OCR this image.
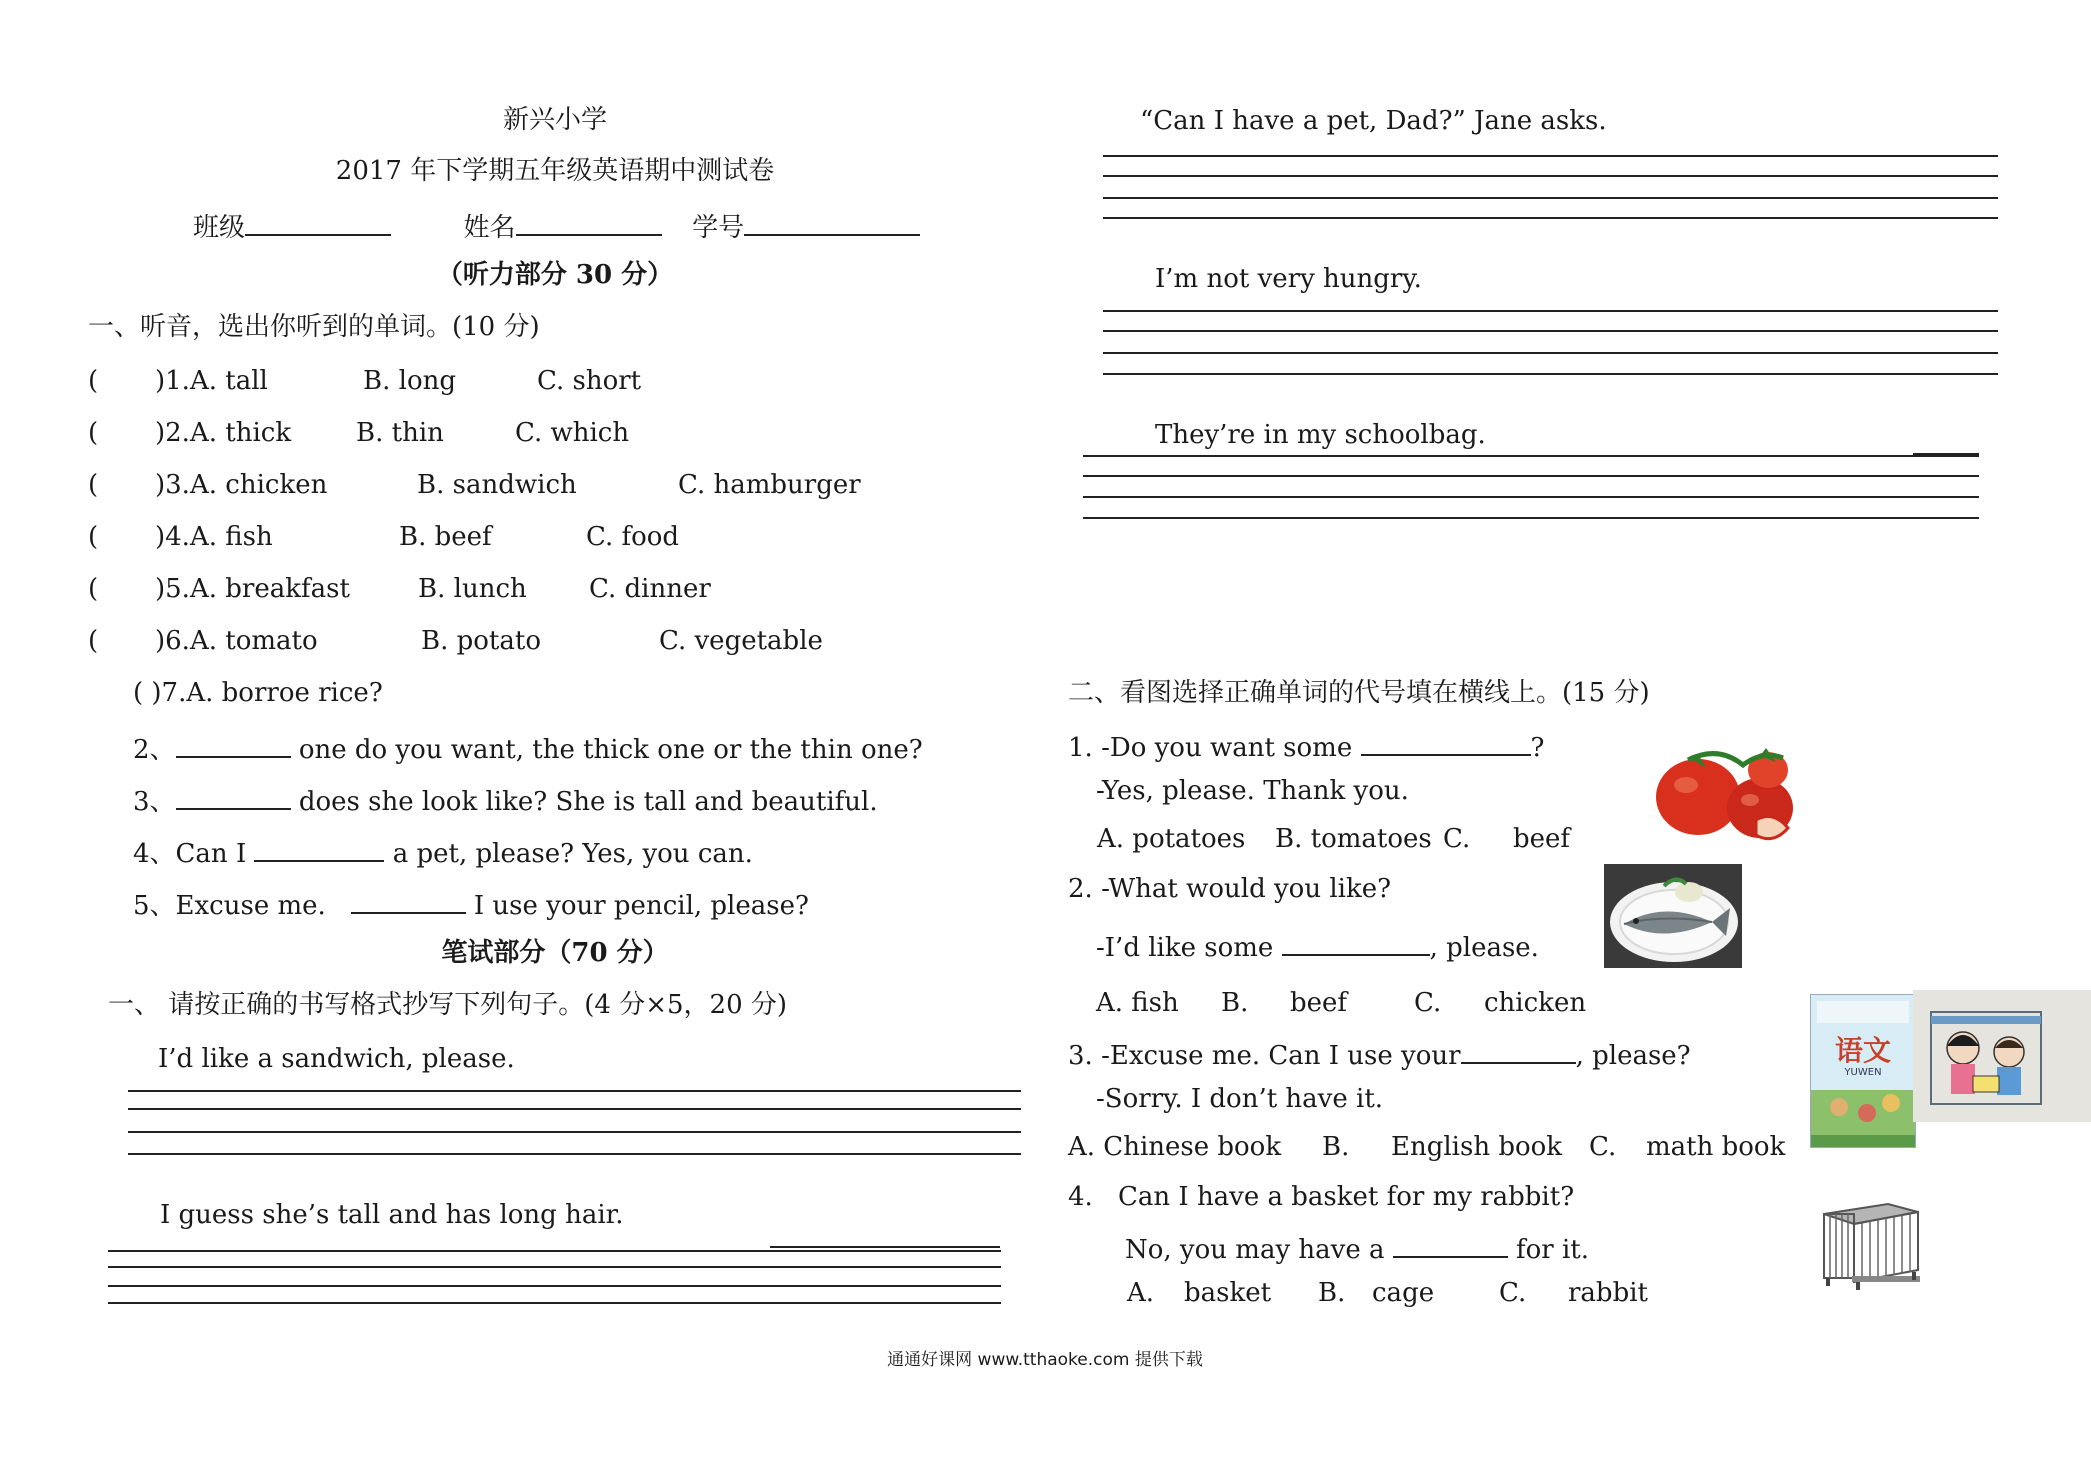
新兴小学
2017 年下学期五年级英语期中测试卷
班级	姓名	学号
（听力部分 30 分）
一、听音，选出你听到的单词。(10 分)
( )1.A. tall	B. long	C. short
( )2.A. thick B. thin	C. which
( )3.A. chicken	B. sandwich	C. hamburger
( )4.A. fish	B. beef	C. food
( )5.A. breakfast	B. lunch C. dinner
( )6.A. tomato	B. potato	C. vegetable
( )7.A. borroe rice?
2、	one do you want, the thick one or the thin one?
3、	does she look like? She is tall and beautiful.
4、Can I	a pet, please? Yes, you can.
5、Excuse me.	I use your pencil, please?
笔试部分（70 分）
一、 请按正确的书写格式抄写下列句子。(4 分×5，20 分)
I’d like a sandwich, please.
I guess she’s tall and has long hair.
“Can I have a pet, Dad?” Jane asks.
I’m not very hungry.
They’re in my schoolbag.
二、看图选择正确单词的代号填在横线上。(15 分)
1. -Do you want some	?
-Yes, please. Thank you.
A. potatoes B. tomatoes C. beef
2. -What would you like?
-I’d like some	, please.
A. fish B. beef	C. chicken
3. -Excuse me. Can I use your	, please?
-Sorry. I don’t have it.
A. Chinese book B. English book C. math book
语文
YUWEN
4. Can I have a basket for my rabbit?
No, you may have a	for it.
A. basket B. cage C. rabbit
通通好课网 www.tthaoke.com 提供下载
